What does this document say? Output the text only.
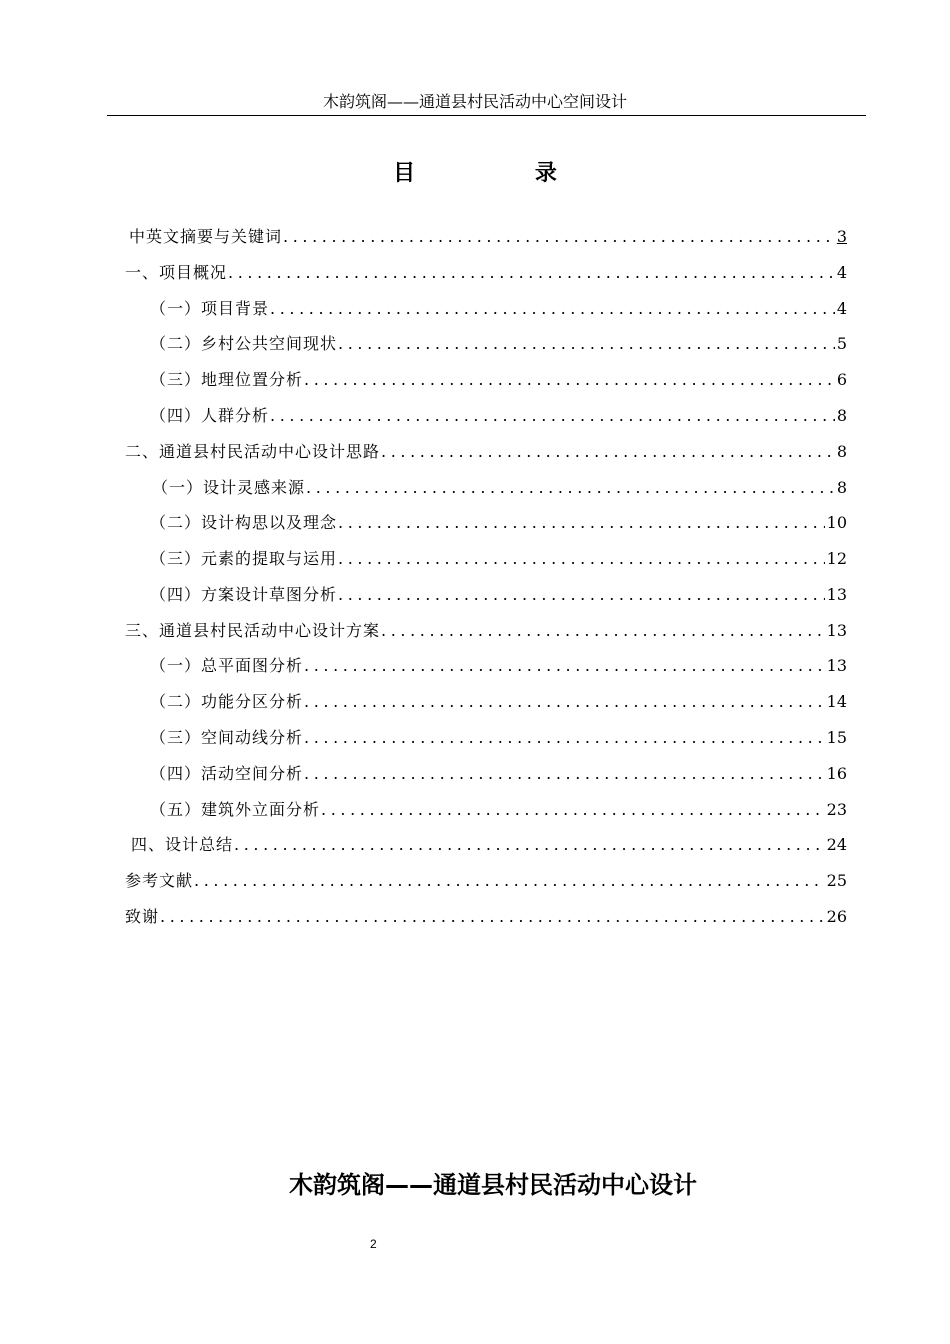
木韵筑阁——通道县村民活动中心空间设计
目 录
中英文摘要与关键词 .....	3
一、项目概况 .....	4
（一）项目背景 .....	4
（二）乡村公共空间现状 .....	5
（三）地理位置分析 .....	6
（四）人群分析 .....	8
二、通道县村民活动中心设计思路 .....	8
（一）设计灵感来源 .....	8
（二）设计构思以及理念 .....	10
（三）元素的提取与运用 .....	12
（四）方案设计草图分析 .....	13
三、通道县村民活动中心设计方案 .....	13
（一）总平面图分析 .....	13
（二）功能分区分析 .....	14
（三）空间动线分析 .....	15
（四）活动空间分析 .....	16
（五）建筑外立面分析 .....	23
四、设计总结 .....	24
参考文献 .....	25
致谢 .....	26
木韵筑阁——通道县村民活动中心设计
2
